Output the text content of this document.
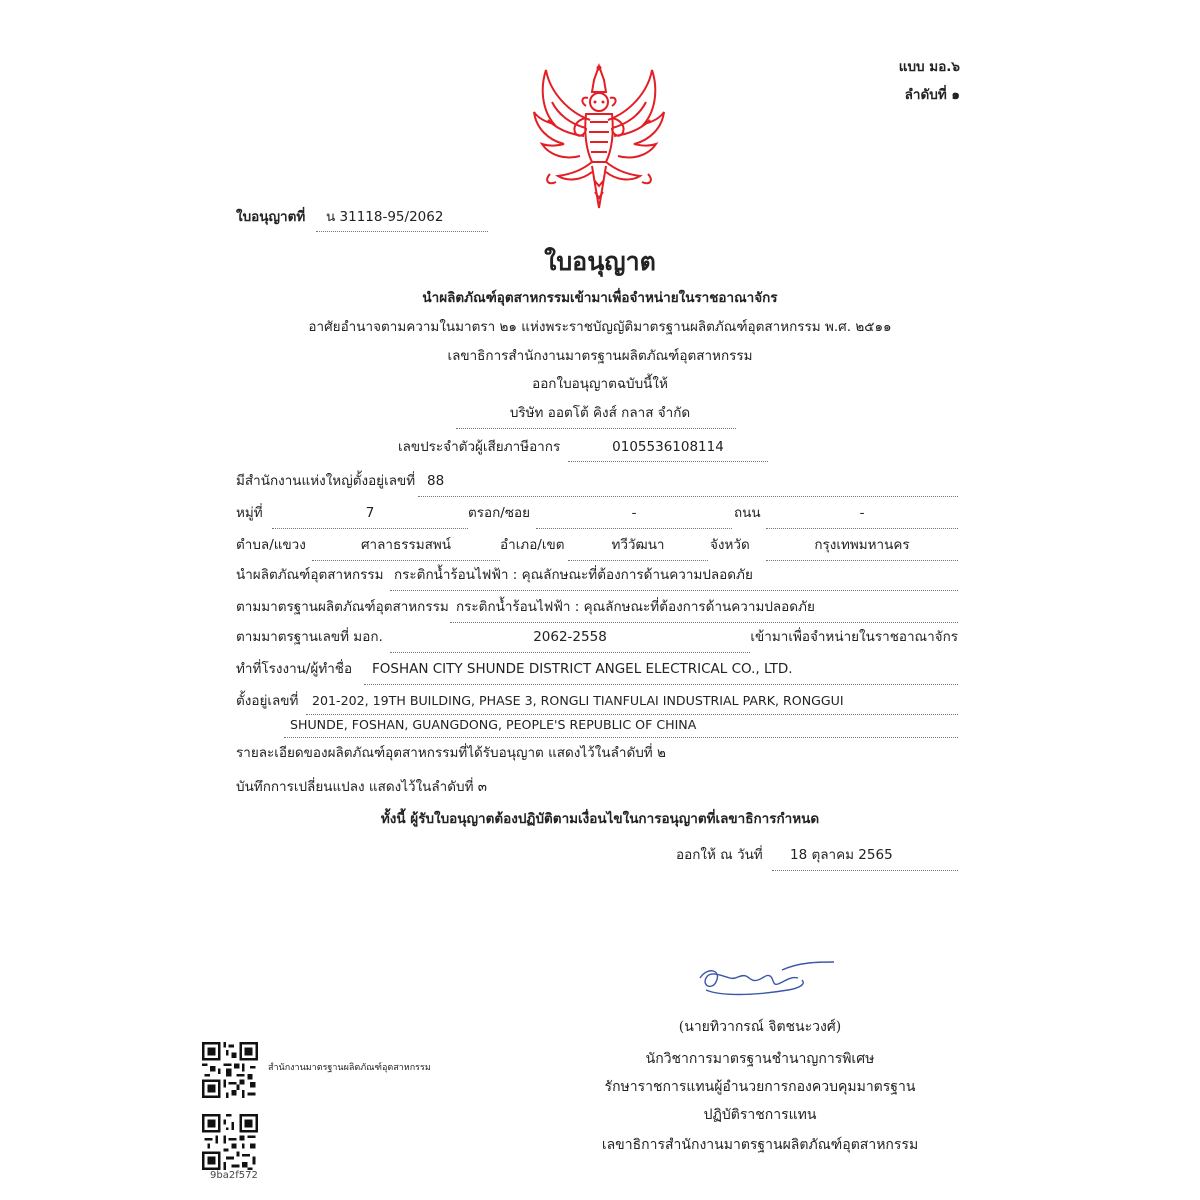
แบบ มอ.๖
ลำดับที่ ๑
ใบอนุญาตที่ น 31118-95/2062
ใบอนุญาต
นำผลิตภัณฑ์อุตสาหกรรมเข้ามาเพื่อจำหน่ายในราชอาณาจักร
อาศัยอำนาจตามความในมาตรา ๒๑ แห่งพระราชบัญญัติมาตรฐานผลิตภัณฑ์อุตสาหกรรม พ.ศ. ๒๕๑๑
เลขาธิการสำนักงานมาตรฐานผลิตภัณฑ์อุตสาหกรรม
ออกใบอนุญาตฉบับนี้ให้
บริษัท ออตโต้ คิงส์ กลาส จำกัด
เลขประจำตัวผู้เสียภาษีอากร	0105536108114
มีสำนักงานแห่งใหญ่ตั้งอยู่เลขที่ 88
หมู่ที่	7	ตรอก/ซอย	-	ถนน	-
ตำบล/แขวง	ศาลาธรรมสพน์	อำเภอ/เขต	ทวีวัฒนา	จังหวัด	กรุงเทพมหานคร
นำผลิตภัณฑ์อุตสาหกรรม กระติกน้ำร้อนไฟฟ้า : คุณลักษณะที่ต้องการด้านความปลอดภัย
ตามมาตรฐานผลิตภัณฑ์อุตสาหกรรม กระติกน้ำร้อนไฟฟ้า : คุณลักษณะที่ต้องการด้านความปลอดภัย
ตามมาตรฐานเลขที่ มอก.	2062-2558	เข้ามาเพื่อจำหน่ายในราชอาณาจักร
ทำที่โรงงาน/ผู้ทำชื่อ FOSHAN CITY SHUNDE DISTRICT ANGEL ELECTRICAL CO., LTD.
ตั้งอยู่เลขที่ 201-202, 19TH BUILDING, PHASE 3, RONGLI TIANFULAI INDUSTRIAL PARK, RONGGUI
SHUNDE, FOSHAN, GUANGDONG, PEOPLE'S REPUBLIC OF CHINA
รายละเอียดของผลิตภัณฑ์อุตสาหกรรมที่ได้รับอนุญาต แสดงไว้ในลำดับที่ ๒
บันทึกการเปลี่ยนแปลง แสดงไว้ในลำดับที่ ๓
ทั้งนี้ ผู้รับใบอนุญาตต้องปฏิบัติตามเงื่อนไขในการอนุญาตที่เลขาธิการกำหนด
ออกให้ ณ วันที่ 18 ตุลาคม 2565
(นายทิวากรณ์ จิตชนะวงศ์)
นักวิชาการมาตรฐานชำนาญการพิเศษ
รักษาราชการแทนผู้อำนวยการกองควบคุมมาตรฐาน
ปฏิบัติราชการแทน
เลขาธิการสำนักงานมาตรฐานผลิตภัณฑ์อุตสาหกรรม
สำนักงานมาตรฐานผลิตภัณฑ์อุตสาหกรรม
9ba2f572
